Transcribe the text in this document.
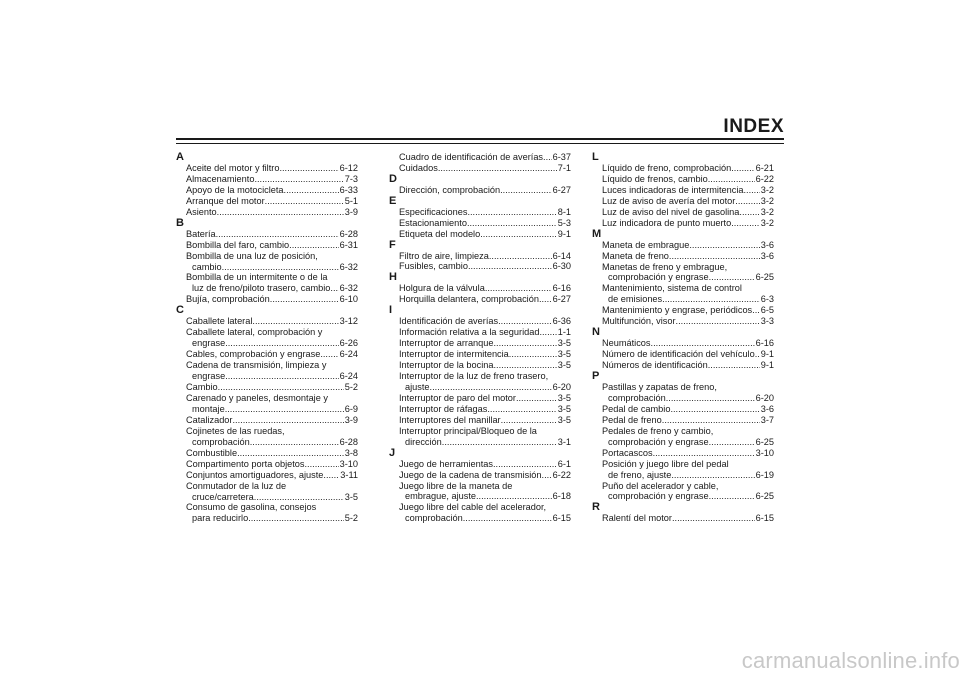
INDEX
A
Aceite del motor y filtro .....	6-12
Almacenamiento .....	7-3
Apoyo de la motocicleta .....	6-33
Arranque del motor .....	5-1
Asiento .....	3-9
B
Batería .....	6-28
Bombilla del faro, cambio .....	6-31
Bombilla de una luz de posición,
cambio .....	6-32
Bombilla de un intermitente o de la
luz de freno/piloto trasero, cambio ..... 6-32
Bujía, comprobación .....	6-10
C
Caballete lateral .....	3-12
Caballete lateral, comprobación y
engrase .....	6-26
Cables, comprobación y engrase ..... 6-24
Cadena de transmisión, limpieza y
engrase .....	6-24
Cambio .....	5-2
Carenado y paneles, desmontaje y
montaje .....	6-9
Catalizador .....	3-9
Cojinetes de las ruedas,
comprobación .....	6-28
Combustible .....	3-8
Compartimento porta objetos .....	3-10
Conjuntos amortiguadores, ajuste ..... 3-11
Conmutador de la luz de
cruce/carretera .....	3-5
Consumo de gasolina, consejos
para reducirlo .....	5-2
Cuadro de identificación de averías ..... 6-37
Cuidados .....	7-1
D
Dirección, comprobación .....	6-27
E
Especificaciones .....	8-1
Estacionamiento .....	5-3
Etiqueta del modelo .....	9-1
F
Filtro de aire, limpieza .....	6-14
Fusibles, cambio .....	6-30
H
Holgura de la válvula .....	6-16
Horquilla delantera, comprobación ..... 6-27
I
Identificación de averías .....	6-36
Información relativa a la seguridad ..... 1-1
Interruptor de arranque .....	3-5
Interruptor de intermitencia .....	3-5
Interruptor de la bocina .....	3-5
Interruptor de la luz de freno trasero,
ajuste .....	6-20
Interruptor de paro del motor .....	3-5
Interruptor de ráfagas .....	3-5
Interruptores del manillar .....	3-5
Interruptor principal/Bloqueo de la
dirección .....	3-1
J
Juego de herramientas .....	6-1
Juego de la cadena de transmisión ..... 6-22
Juego libre de la maneta de
embrague, ajuste .....	6-18
Juego libre del cable del acelerador,
comprobación .....	6-15
L
Líquido de freno, comprobación .....	6-21
Líquido de frenos, cambio .....	6-22
Luces indicadoras de intermitencia ..... 3-2
Luz de aviso de avería del motor .....	3-2
Luz de aviso del nivel de gasolina ..... 3-2
Luz indicadora de punto muerto .....	3-2
M
Maneta de embrague .....	3-6
Maneta de freno .....	3-6
Manetas de freno y embrague,
comprobación y engrase .....	6-25
Mantenimiento, sistema de control
de emisiones .....	6-3
Mantenimiento y engrase, periódicos ..... 6-5
Multifunción, visor .....	3-3
N
Neumáticos .....	6-16
Número de identificación del vehículo ..... 9-1
Números de identificación .....	9-1
P
Pastillas y zapatas de freno,
comprobación .....	6-20
Pedal de cambio .....	3-6
Pedal de freno .....	3-7
Pedales de freno y cambio,
comprobación y engrase .....	6-25
Portacascos .....	3-10
Posición y juego libre del pedal
de freno, ajuste .....	6-19
Puño del acelerador y cable,
comprobación y engrase .....	6-25
R
Ralentí del motor .....	6-15
carmanualsonline.info
